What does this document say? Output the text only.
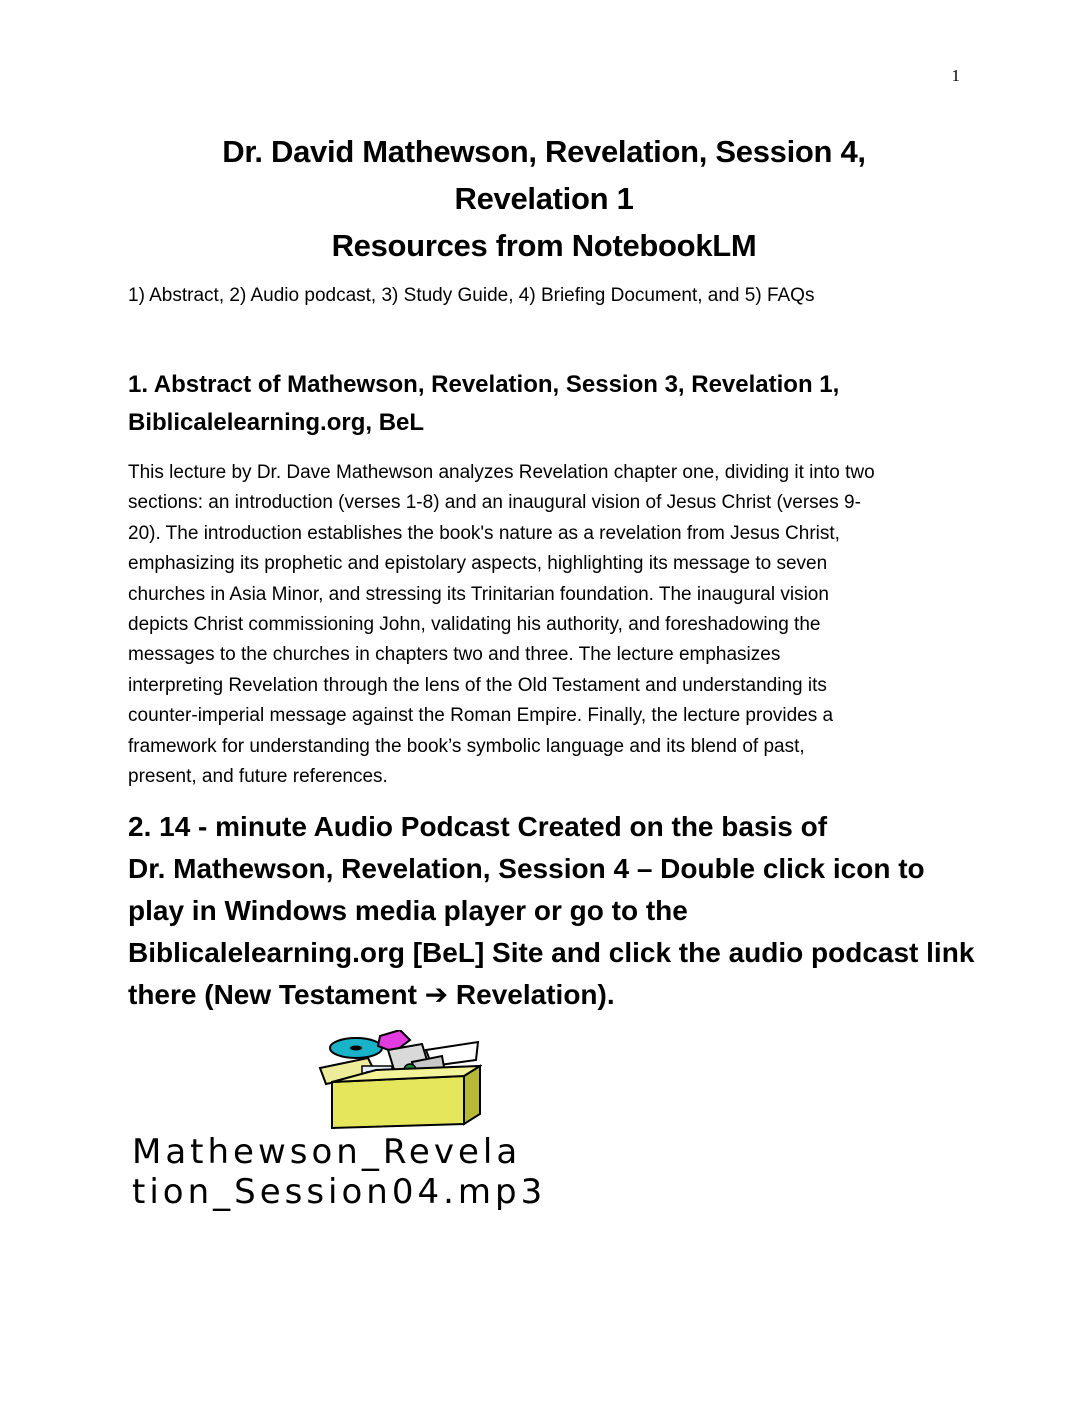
1
Dr. David Mathewson, Revelation, Session 4,
Revelation 1
Resources from NotebookLM
1) Abstract, 2) Audio podcast, 3) Study Guide, 4) Briefing Document, and 5) FAQs
1. Abstract of Mathewson, Revelation, Session 3, Revelation 1,
Biblicalelearning.org, BeL
This lecture by Dr. Dave Mathewson analyzes Revelation chapter one, dividing it into two
sections: an introduction (verses 1-8) and an inaugural vision of Jesus Christ (verses 9-
20). The introduction establishes the book's nature as a revelation from Jesus Christ,
emphasizing its prophetic and epistolary aspects, highlighting its message to seven
churches in Asia Minor, and stressing its Trinitarian foundation. The inaugural vision
depicts Christ commissioning John, validating his authority, and foreshadowing the
messages to the churches in chapters two and three. The lecture emphasizes
interpreting Revelation through the lens of the Old Testament and understanding its
counter-imperial message against the Roman Empire. Finally, the lecture provides a
framework for understanding the book’s symbolic language and its blend of past,
present, and future references.
2. 14 - minute Audio Podcast Created on the basis of
Dr. Mathewson, Revelation, Session 4 – Double click icon to
play in Windows media player or go to the
Biblicalelearning.org [BeL] Site and click the audio podcast link
there (New Testament ➔ Revelation).
Mathewson_Revela
tion_Session04.mp3
